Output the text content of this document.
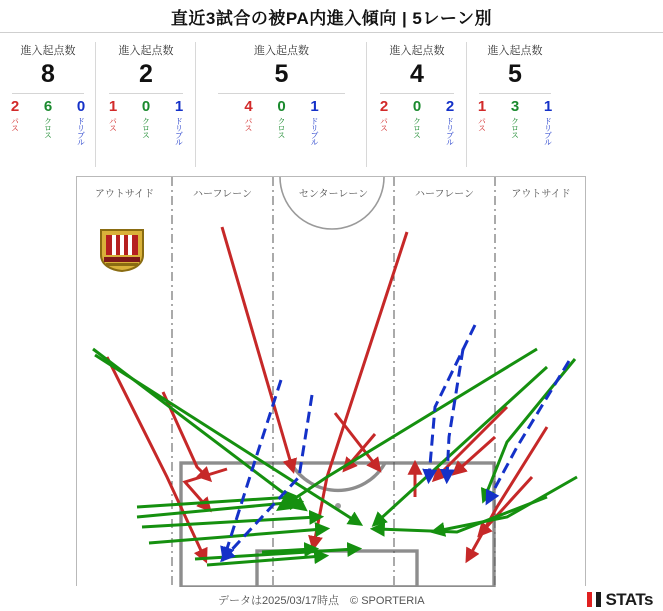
直近3試合の被PA内進入傾向 | 5レーン別
進入起点数
8
2
パス
6
クロス
0
ドリブル
進入起点数
2
1
パス
0
クロス
1
ドリブル
進入起点数
5
4
パス
0
クロス
1
ドリブル
進入起点数
4
2
パス
0
クロス
2
ドリブル
進入起点数
5
1
パス
3
クロス
1
ドリブル
アウトサイド	ハーフレーン	センターレーン	ハーフレーン	アウトサイド
データは2025/03/17時点　© SPORTERIA	STATs
